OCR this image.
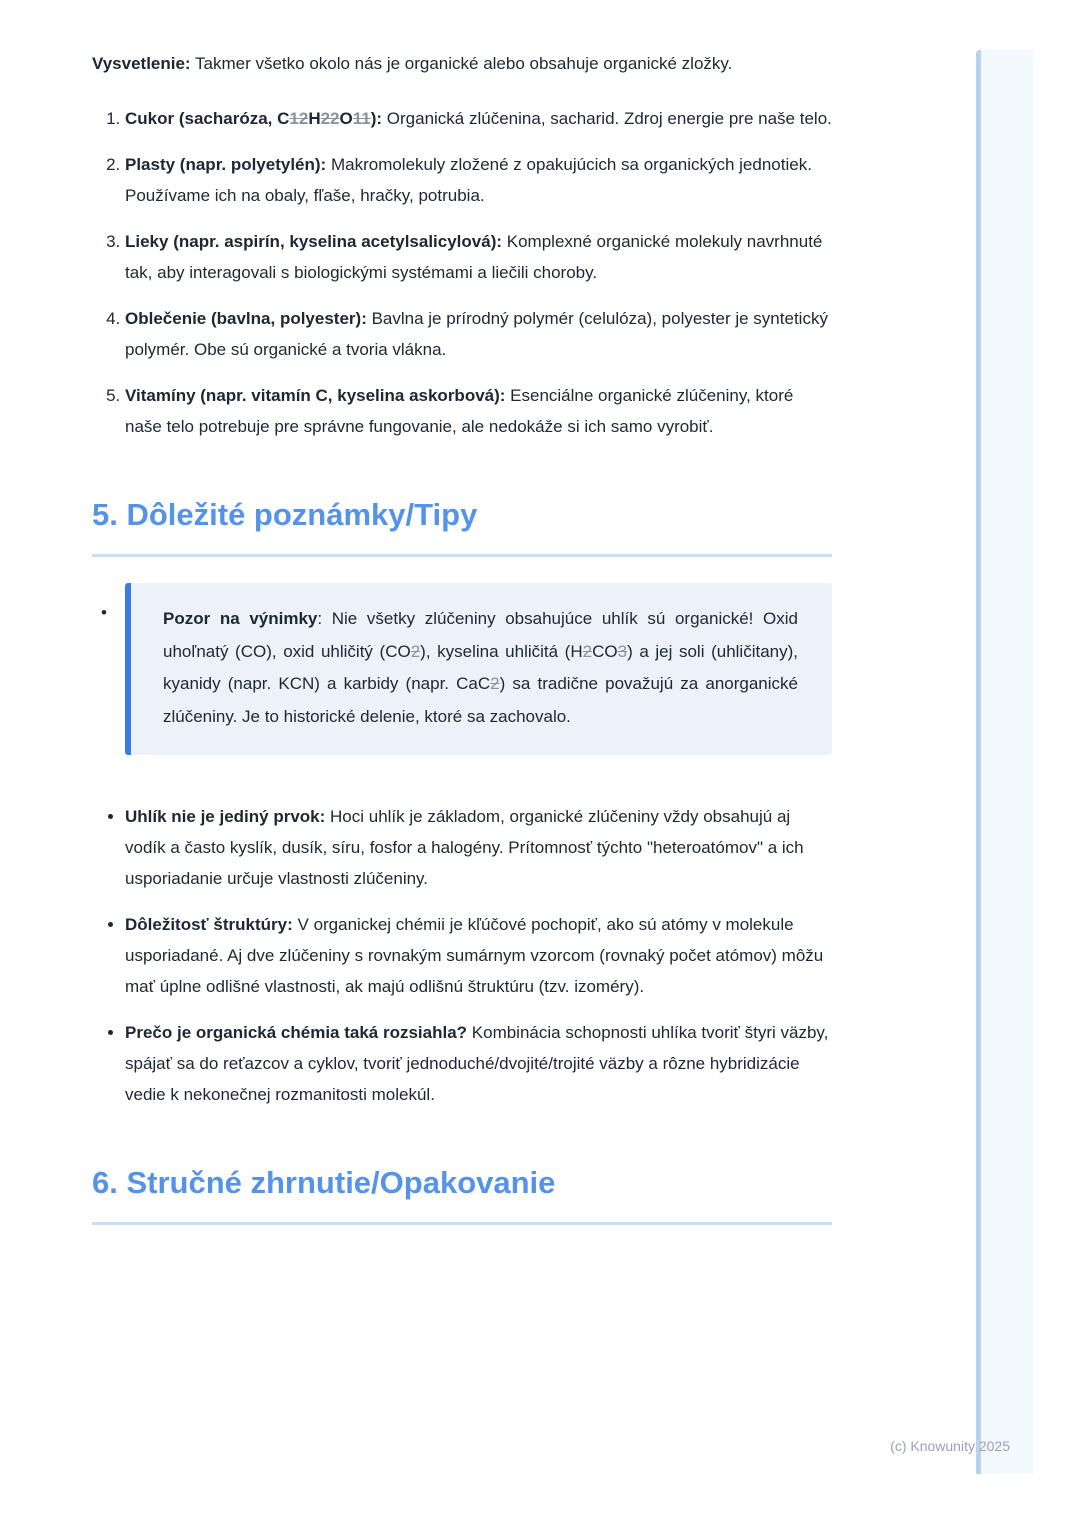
Vysvetlenie: Takmer všetko okolo nás je organické alebo obsahuje organické zložky.

1. Cukor (sacharóza, C12H22O11): Organická zlúčenina, sacharid. Zdroj energie pre naše telo.
2. Plasty (napr. polyetylén): Makromolekuly zložené z opakujúcich sa organických jednotiek. Používame ich na obaly, fľaše, hračky, potrubia.
3. Lieky (napr. aspirín, kyselina acetylsalicylová): Komplexné organické molekuly navrhnuté tak, aby interagovali s biologickými systémami a liečili choroby.
4. Oblečenie (bavlna, polyester): Bavlna je prírodný polymér (celulóza), polyester je syntetický polymér. Obe sú organické a tvoria vlákna.
5. Vitamíny (napr. vitamín C, kyselina askorbová): Esenciálne organické zlúčeniny, ktoré naše telo potrebuje pre správne fungovanie, ale nedokáže si ich samo vyrobiť.
5. Dôležité poznámky/Tipy
•	Pozor na výnimky: Nie všetky zlúčeniny obsahujúce uhlík sú organické! Oxid uhoľnatý (CO), oxid uhličitý (CO2), kyselina uhličitá (H2CO3) a jej soli (uhličitany), kyanidy (napr. KCN) a karbidy (napr. CaC2) sa tradične považujú za anorganické zlúčeniny. Je to historické delenie, ktoré sa zachovalo.
• Uhlík nie je jediný prvok: Hoci uhlík je základom, organické zlúčeniny vždy obsahujú aj vodík a často kyslík, dusík, síru, fosfor a halogény. Prítomnosť týchto "heteroatómov" a ich usporiadanie určuje vlastnosti zlúčeniny.
• Dôležitosť štruktúry: V organickej chémii je kľúčové pochopiť, ako sú atómy v molekule usporiadané. Aj dve zlúčeniny s rovnakým sumárnym vzorcom (rovnaký počet atómov) môžu mať úplne odlišné vlastnosti, ak majú odlišnú štruktúru (tzv. izoméry).
• Prečo je organická chémia taká rozsiahla? Kombinácia schopnosti uhlíka tvoriť štyri väzby, spájať sa do reťazcov a cyklov, tvoriť jednoduché/dvojité/trojité väzby a rôzne hybridizácie vedie k nekonečnej rozmanitosti molekúl.
6. Stručné zhrnutie/Opakovanie
(c) Knowunity 2025
